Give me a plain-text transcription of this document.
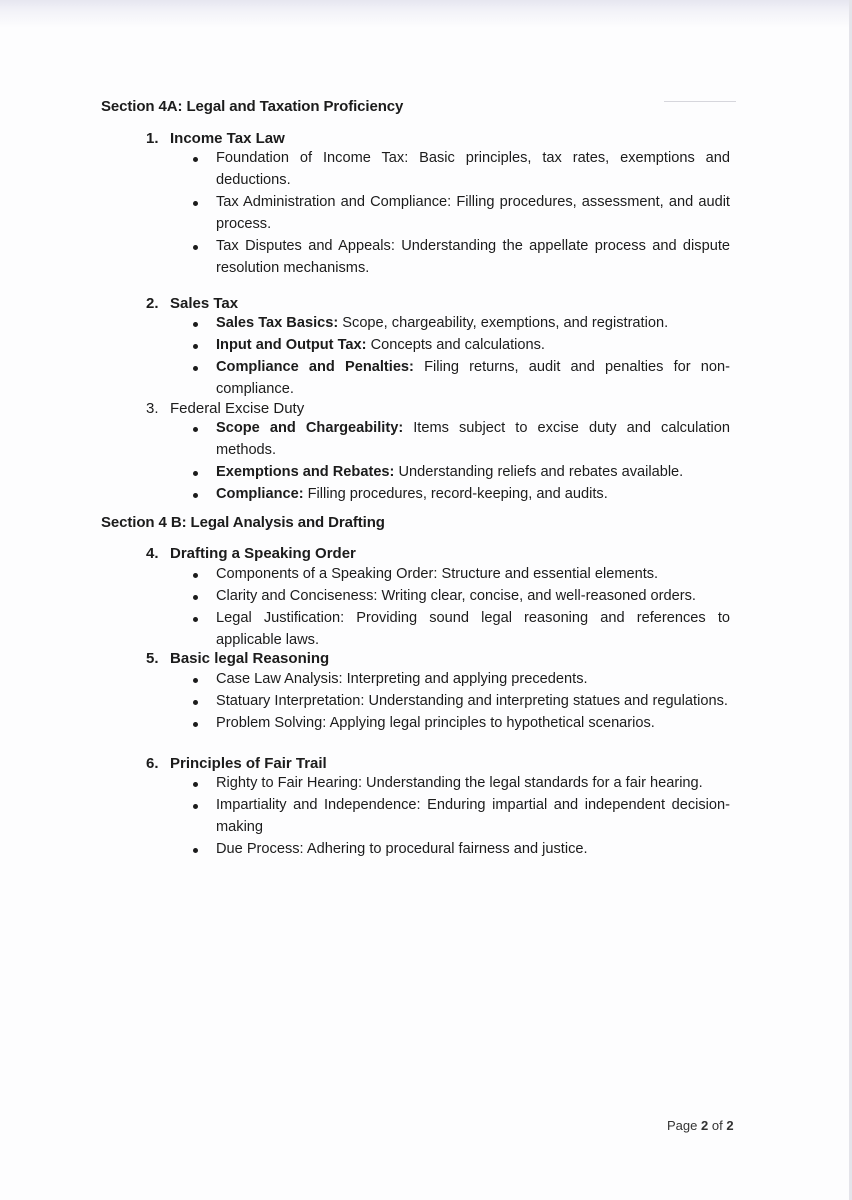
Section 4A: Legal and Taxation Proficiency
1. Income Tax Law
Foundation of Income Tax: Basic principles, tax rates, exemptions and deductions.
Tax Administration and Compliance: Filling procedures, assessment, and audit process.
Tax Disputes and Appeals: Understanding the appellate process and dispute resolution mechanisms.
2. Sales Tax
Sales Tax Basics: Scope, chargeability, exemptions, and registration.
Input and Output Tax: Concepts and calculations.
Compliance and Penalties: Filing returns, audit and penalties for non-compliance.
3. Federal Excise Duty
Scope and Chargeability: Items subject to excise duty and calculation methods.
Exemptions and Rebates: Understanding reliefs and rebates available.
Compliance: Filling procedures, record-keeping, and audits.
Section 4 B: Legal Analysis and Drafting
4. Drafting a Speaking Order
Components of a Speaking Order: Structure and essential elements.
Clarity and Conciseness: Writing clear, concise, and well-reasoned orders.
Legal Justification: Providing sound legal reasoning and references to applicable laws.
5. Basic legal Reasoning
Case Law Analysis: Interpreting and applying precedents.
Statuary Interpretation: Understanding and interpreting statues and regulations.
Problem Solving: Applying legal principles to hypothetical scenarios.
6. Principles of Fair Trail
Righty to Fair Hearing: Understanding the legal standards for a fair hearing.
Impartiality and Independence: Enduring impartial and independent decision-making
Due Process: Adhering to procedural fairness and justice.
Page 2 of 2
